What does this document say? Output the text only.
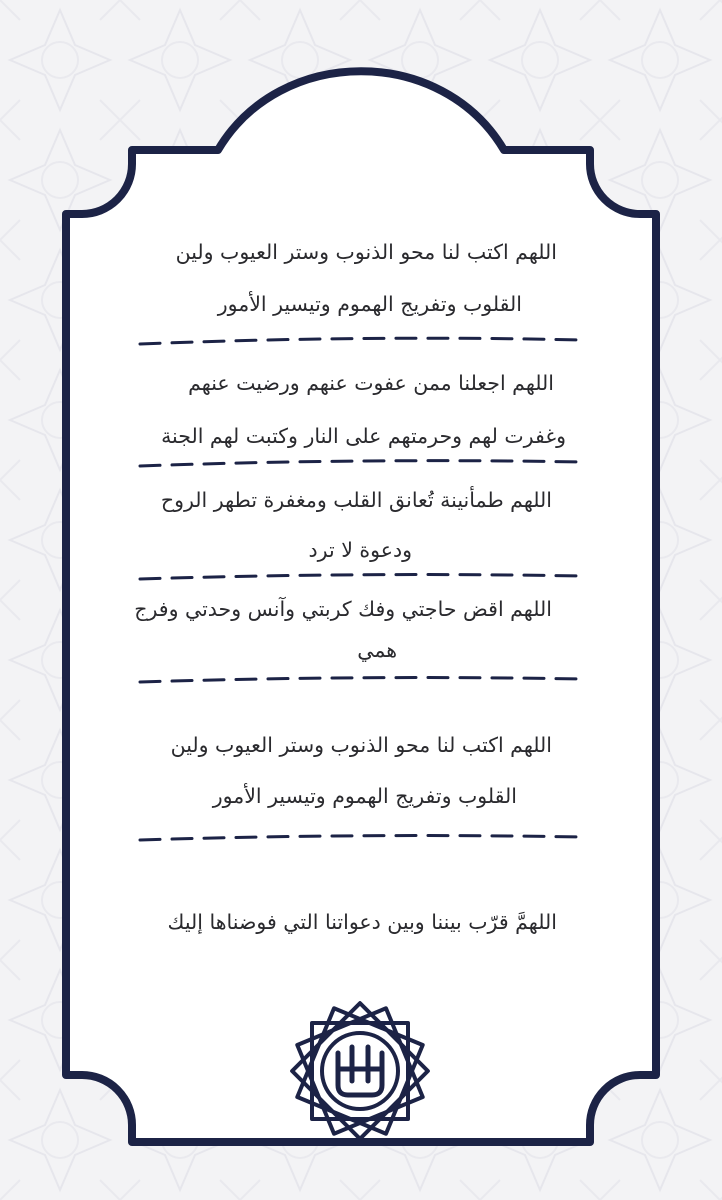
اللهم اكتب لنا محو الذنوب وستر العيوب ولين
القلوب وتفريج الهموم وتيسير الأمور
اللهم اجعلنا ممن عفوت عنهم ورضيت عنهم
وغفرت لهم وحرمتهم على النار وكتبت لهم الجنة
اللهم طمأنينة تُعانق القلب ومغفرة تطهر الروح
ودعوة لا ترد
اللهم اقض حاجتي وفك كربتي وآنس وحدتي وفرج
همي
اللهم اكتب لنا محو الذنوب وستر العيوب ولين
القلوب وتفريج الهموم وتيسير الأمور
اللهمَّ قرّب بيننا وبين دعواتنا التي فوضناها إليك
